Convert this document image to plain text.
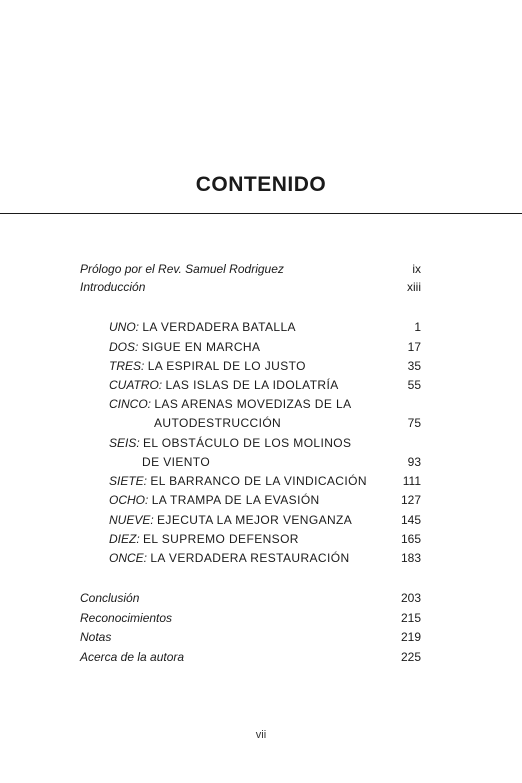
CONTENIDO
Prólogo por el Rev. Samuel Rodriguez	ix
Introducción	xiii
UNO: LA VERDADERA BATALLA	1
DOS: SIGUE EN MARCHA	17
TRES: LA ESPIRAL DE LO JUSTO	35
CUATRO: LAS ISLAS DE LA IDOLATRÍA	55
CINCO: LAS ARENAS MOVEDIZAS DE LA
AUTODESTRUCCIÓN	75
SEIS: EL OBSTÁCULO DE LOS MOLINOS
DE VIENTO	93
SIETE: EL BARRANCO DE LA VINDICACIÓN	111
OCHO: LA TRAMPA DE LA EVASIÓN	127
NUEVE: EJECUTA LA MEJOR VENGANZA	145
DIEZ: EL SUPREMO DEFENSOR	165
ONCE: LA VERDADERA RESTAURACIÓN	183
Conclusión	203
Reconocimientos	215
Notas	219
Acerca de la autora	225
vii
